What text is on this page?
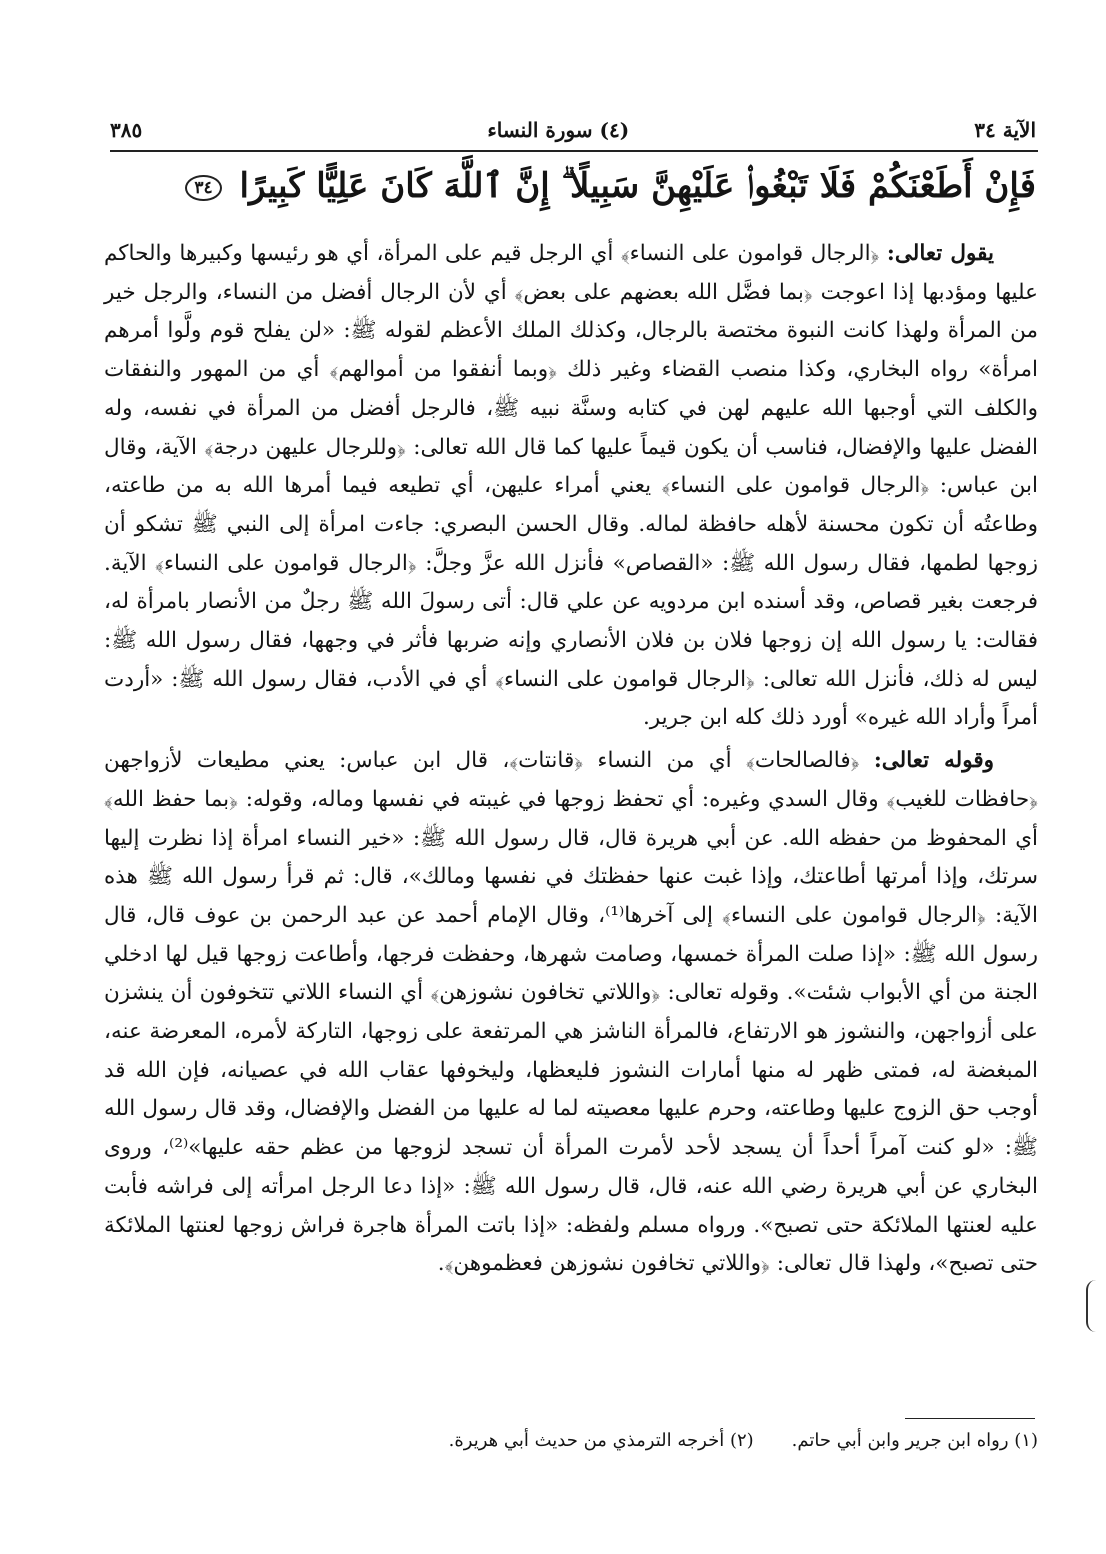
الآية ٣٤
(٤) سورة النساء
٣٨٥
فَإِنْ أَطَعْنَكُمْ فَلَا تَبْغُوا۟ عَلَيْهِنَّ سَبِيلًا ۗ إِنَّ ٱللَّهَ كَانَ عَلِيًّا كَبِيرًا ٣٤

يقول تعالى: ﴿الرجال قوامون على النساء﴾ أي الرجل قيم على المرأة، أي هو رئيسها وكبيرها والحاكم عليها ومؤدبها إذا اعوجت ﴿بما فضَّل الله بعضهم على بعض﴾ أي لأن الرجال أفضل من النساء، والرجل خير من المرأة ولهذا كانت النبوة مختصة بالرجال، وكذلك الملك الأعظم لقوله ﷺ: «لن يفلح قوم ولَّوا أمرهم امرأة» رواه البخاري، وكذا منصب القضاء وغير ذلك ﴿وبما أنفقوا من أموالهم﴾ أي من المهور والنفقات والكلف التي أوجبها الله عليهم لهن في كتابه وسنَّة نبيه ﷺ، فالرجل أفضل من المرأة في نفسه، وله الفضل عليها والإفضال، فناسب أن يكون قيماً عليها كما قال الله تعالى: ﴿وللرجال عليهن درجة﴾ الآية، وقال ابن عباس: ﴿الرجال قوامون على النساء﴾ يعني أمراء عليهن، أي تطيعه فيما أمرها الله به من طاعته، وطاعتُه أن تكون محسنة لأهله حافظة لماله. وقال الحسن البصري: جاءت امرأة إلى النبي ﷺ تشكو أن زوجها لطمها، فقال رسول الله ﷺ: «القصاص» فأنزل الله عزَّ وجلَّ: ﴿الرجال قوامون على النساء﴾ الآية. فرجعت بغير قصاص، وقد أسنده ابن مردويه عن علي قال: أتى رسولَ الله ﷺ رجلٌ من الأنصار بامرأة له، فقالت: يا رسول الله إن زوجها فلان بن فلان الأنصاري وإنه ضربها فأثر في وجهها، فقال رسول الله ﷺ: ليس له ذلك، فأنزل الله تعالى: ﴿الرجال قوامون على النساء﴾ أي في الأدب، فقال رسول الله ﷺ: «أردت أمراً وأراد الله غيره» أورد ذلك كله ابن جرير.

وقوله تعالى: ﴿فالصالحات﴾ أي من النساء ﴿قانتات﴾، قال ابن عباس: يعني مطيعات لأزواجهن ﴿حافظات للغيب﴾ وقال السدي وغيره: أي تحفظ زوجها في غيبته في نفسها وماله، وقوله: ﴿بما حفظ الله﴾ أي المحفوظ من حفظه الله. عن أبي هريرة قال، قال رسول الله ﷺ: «خير النساء امرأة إذا نظرت إليها سرتك، وإذا أمرتها أطاعتك، وإذا غبت عنها حفظتك في نفسها ومالك»، قال: ثم قرأ رسول الله ﷺ هذه الآية: ﴿الرجال قوامون على النساء﴾ إلى آخرها⁽¹⁾، وقال الإمام أحمد عن عبد الرحمن بن عوف قال، قال رسول الله ﷺ: «إذا صلت المرأة خمسها، وصامت شهرها، وحفظت فرجها، وأطاعت زوجها قيل لها ادخلي الجنة من أي الأبواب شئت». وقوله تعالى: ﴿واللاتي تخافون نشوزهن﴾ أي النساء اللاتي تتخوفون أن ينشزن على أزواجهن، والنشوز هو الارتفاع، فالمرأة الناشز هي المرتفعة على زوجها، التاركة لأمره، المعرضة عنه، المبغضة له، فمتى ظهر له منها أمارات النشوز فليعظها، وليخوفها عقاب الله في عصيانه، فإن الله قد أوجب حق الزوج عليها وطاعته، وحرم عليها معصيته لما له عليها من الفضل والإفضال، وقد قال رسول الله ﷺ: «لو كنت آمراً أحداً أن يسجد لأحد لأمرت المرأة أن تسجد لزوجها من عظم حقه عليها»⁽²⁾، وروى البخاري عن أبي هريرة رضي الله عنه، قال، قال رسول الله ﷺ: «إذا دعا الرجل امرأته إلى فراشه فأبت عليه لعنتها الملائكة حتى تصبح». ورواه مسلم ولفظه: «إذا باتت المرأة هاجرة فراش زوجها لعنتها الملائكة حتى تصبح»، ولهذا قال تعالى: ﴿واللاتي تخافون نشوزهن فعظموهن﴾.

(١) رواه ابن جرير وابن أبي حاتم.(٢) أخرجه الترمذي من حديث أبي هريرة.
